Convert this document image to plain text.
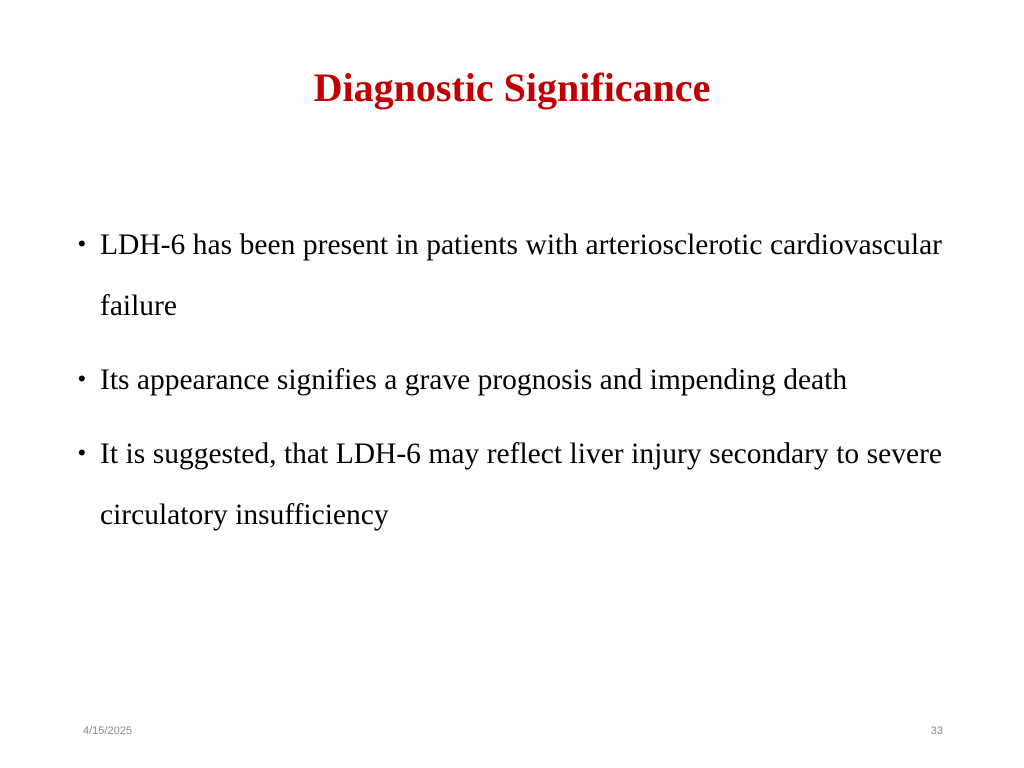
Diagnostic Significance
• LDH-6 has been present in patients with arteriosclerotic cardiovascular failure
• Its appearance signifies a grave prognosis and impending death
• It is suggested, that LDH-6 may reflect liver injury secondary to severe circulatory insufficiency
4/15/2025	33
